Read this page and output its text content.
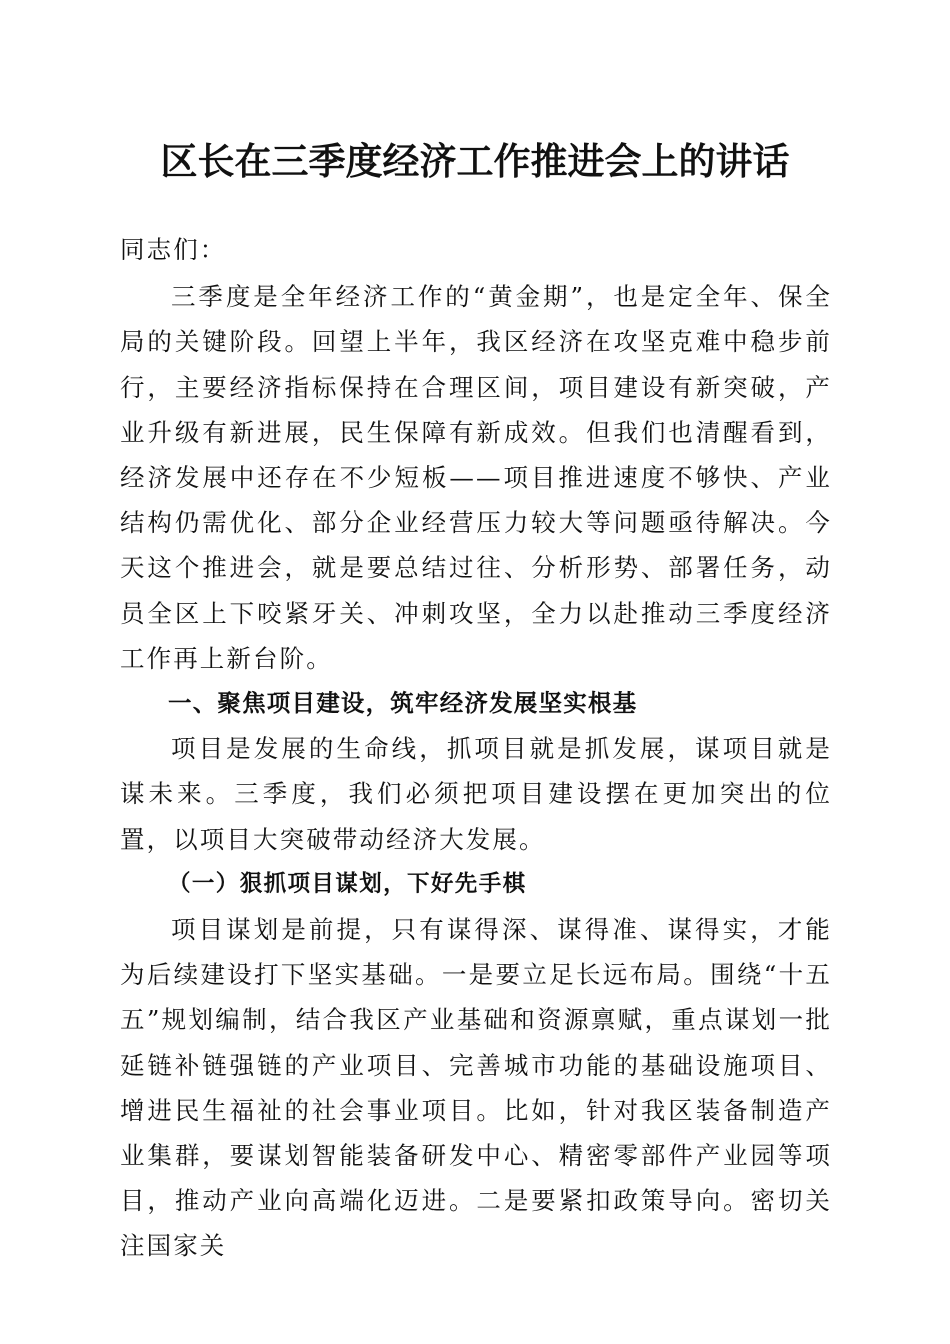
区长在三季度经济工作推进会上的讲话

同志们：

三季度是全年经济工作的“黄金期”，也是定全年、保全局的关键阶段。回望上半年，我区经济在攻坚克难中稳步前行，主要经济指标保持在合理区间，项目建设有新突破，产业升级有新进展，民生保障有新成效。但我们也清醒看到，经济发展中还存在不少短板——项目推进速度不够快、产业结构仍需优化、部分企业经营压力较大等问题亟待解决。今天这个推进会，就是要总结过往、分析形势、部署任务，动员全区上下咬紧牙关、冲刺攻坚，全力以赴推动三季度经济工作再上新台阶。

一、聚焦项目建设，筑牢经济发展坚实根基

项目是发展的生命线，抓项目就是抓发展，谋项目就是谋未来。三季度，我们必须把项目建设摆在更加突出的位置，以项目大突破带动经济大发展。

（一）狠抓项目谋划，下好先手棋

项目谋划是前提，只有谋得深、谋得准、谋得实，才能为后续建设打下坚实基础。一是要立足长远布局。围绕“十五五”规划编制，结合我区产业基础和资源禀赋，重点谋划一批延链补链强链的产业项目、完善城市功能的基础设施项目、增进民生福祉的社会事业项目。比如，针对我区装备制造产业集群，要谋划智能装备研发中心、精密零部件产业园等项目，推动产业向高端化迈进。二是要紧扣政策导向。密切关注国家关
